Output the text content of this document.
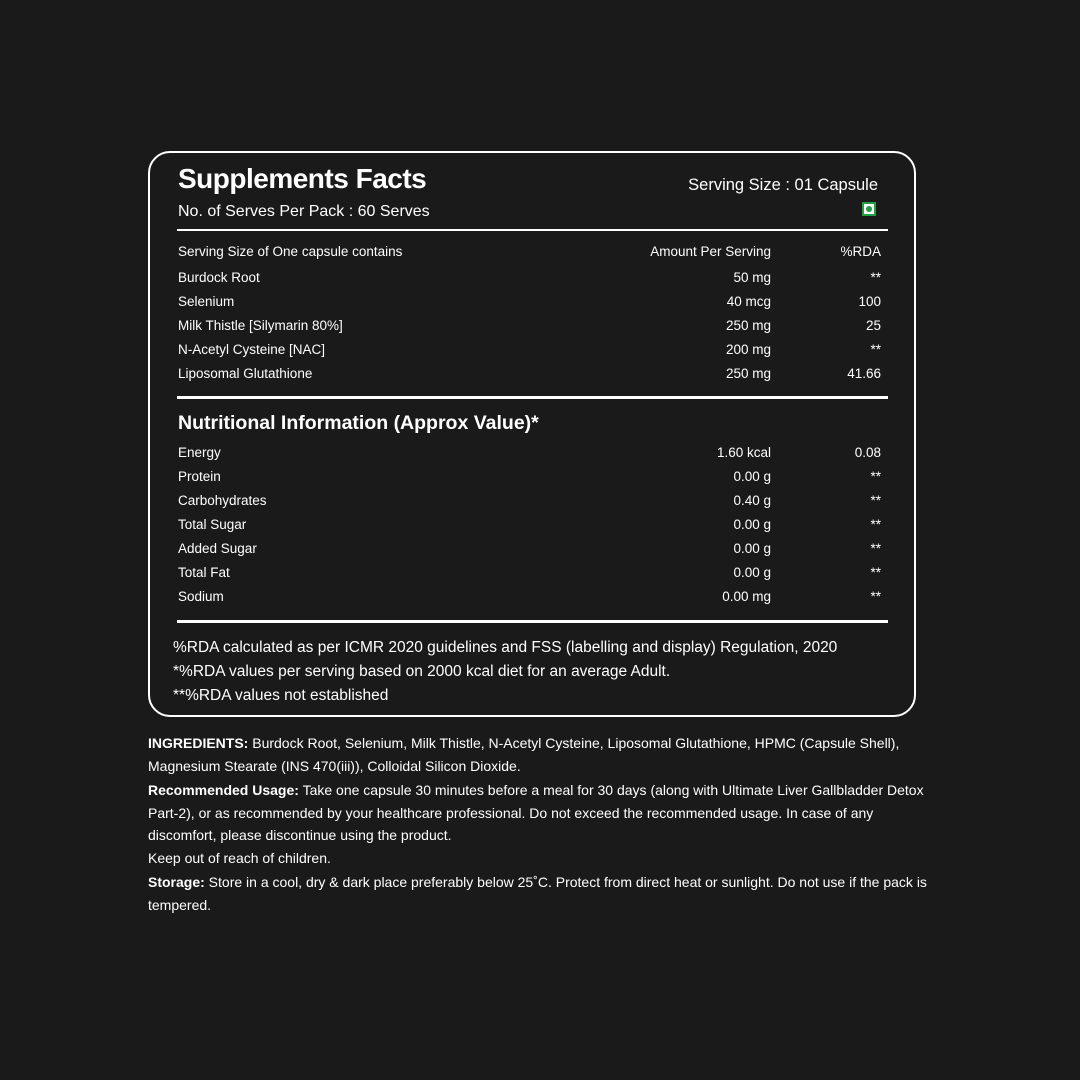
Supplements Facts
No. of Serves Per Pack : 60 Serves
Serving Size : 01 Capsule
Serving Size of One capsule contains	Amount Per Serving	%RDA
Burdock Root	50 mg	**
Selenium	40 mcg	100
Milk Thistle [Silymarin 80%]	250 mg	25
N-Acetyl Cysteine [NAC]	200 mg	**
Liposomal Glutathione	250 mg	41.66
Nutritional Information (Approx Value)*
Energy	1.60 kcal	0.08
Protein	0.00 g	**
Carbohydrates	0.40 g	**
Total Sugar	0.00 g	**
Added Sugar	0.00 g	**
Total Fat	0.00 g	**
Sodium	0.00 mg	**
%RDA calculated as per ICMR 2020 guidelines and FSS (labelling and display) Regulation, 2020
*%RDA values per serving based on 2000 kcal diet for an average Adult.
**%RDA values not established

INGREDIENTS: Burdock Root, Selenium, Milk Thistle, N-Acetyl Cysteine, Liposomal Glutathione, HPMC (Capsule Shell), Magnesium Stearate (INS 470(iii)), Colloidal Silicon Dioxide.

Recommended Usage: Take one capsule 30 minutes before a meal for 30 days (along with Ultimate Liver Gallbladder Detox Part-2), or as recommended by your healthcare professional. Do not exceed the recommended usage. In case of any discomfort, please discontinue using the product.

Keep out of reach of children.

Storage: Store in a cool, dry & dark place preferably below 25˚C. Protect from direct heat or sunlight. Do not use if the pack is tempered.
